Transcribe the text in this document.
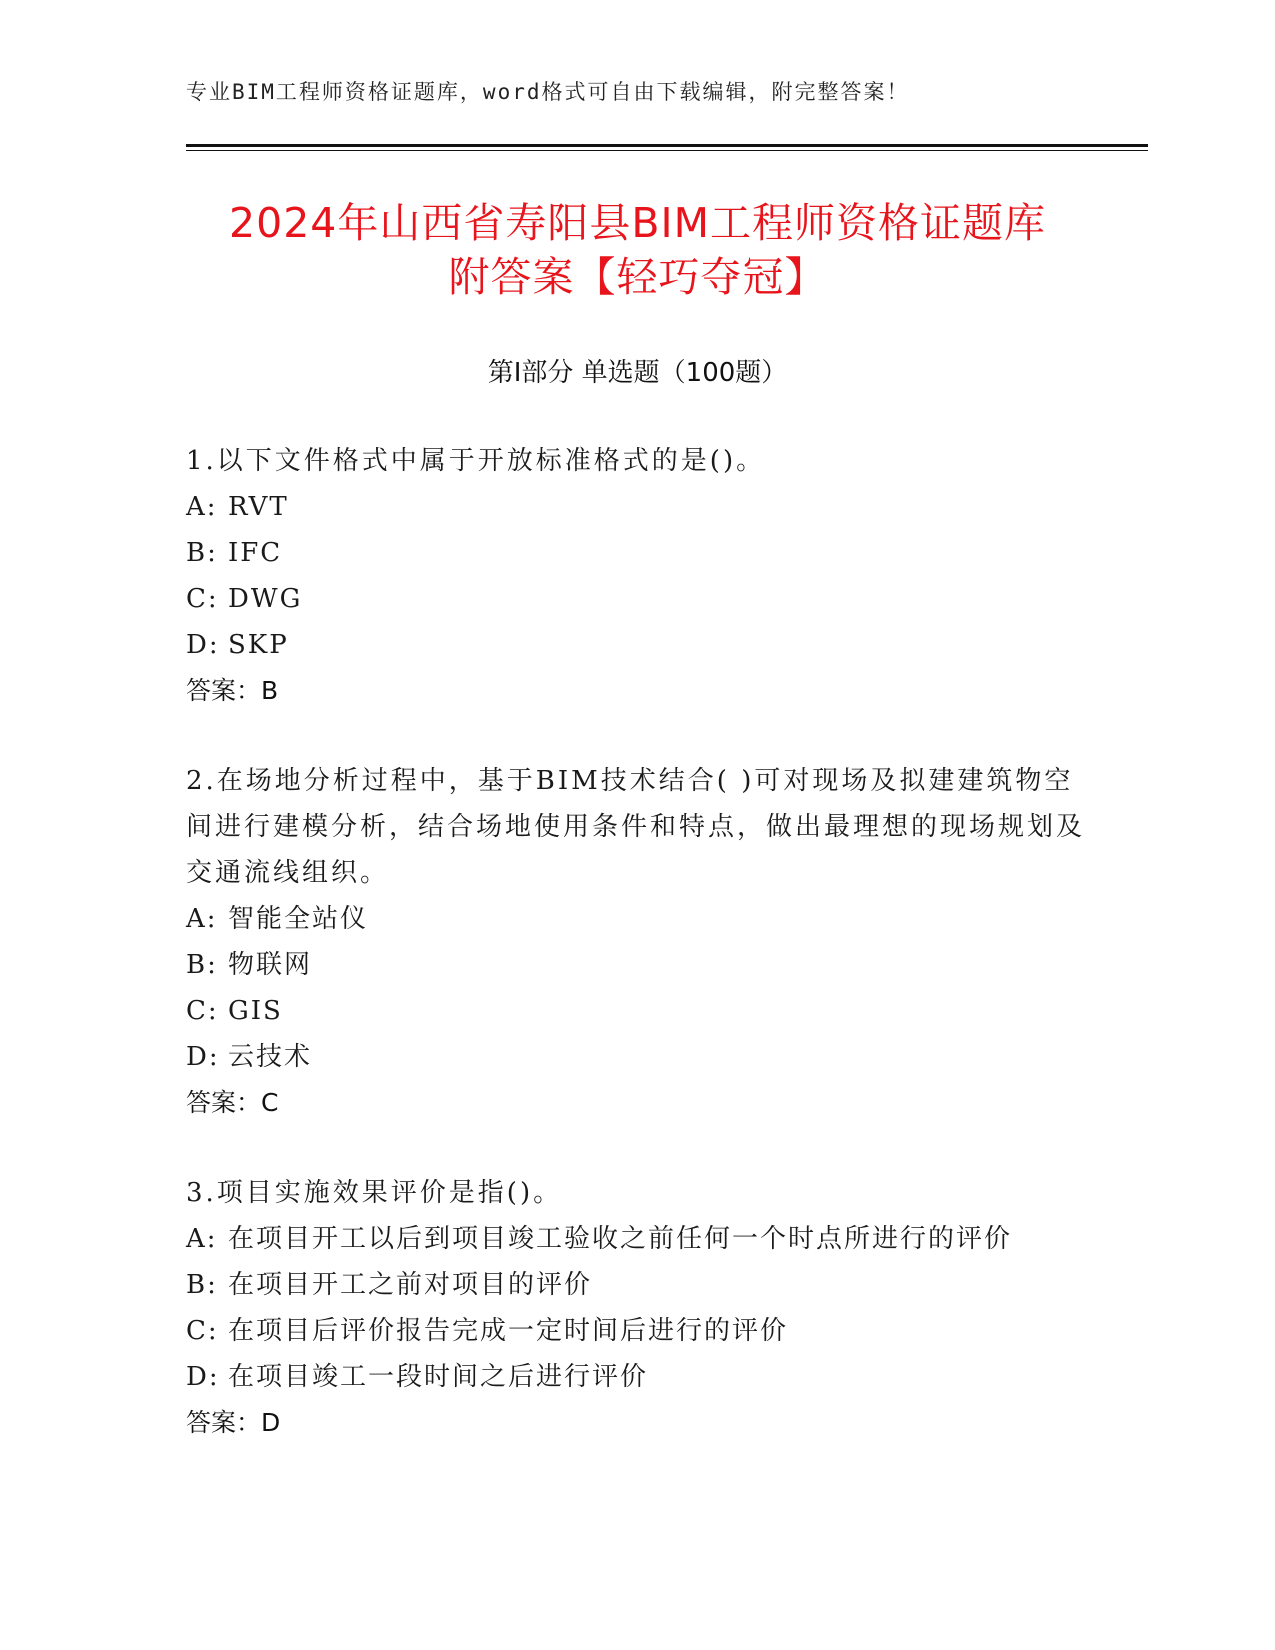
专业BIM工程师资格证题库，word格式可自由下载编辑，附完整答案！
2024年山西省寿阳县BIM工程师资格证题库
附答案【轻巧夺冠】
第Ⅰ部分 单选题（100题）
1.以下文件格式中属于开放标准格式的是()。
A: RVT
B: IFC
C: DWG
D: SKP
答案：B
2.在场地分析过程中，基于BIM技术结合( )可对现场及拟建建筑物空间进行建模分析，结合场地使用条件和特点，做出最理想的现场规划及交通流线组织。
A: 智能全站仪
B: 物联网
C: GIS
D: 云技术
答案：C
3.项目实施效果评价是指()。
A: 在项目开工以后到项目竣工验收之前任何一个时点所进行的评价
B: 在项目开工之前对项目的评价
C: 在项目后评价报告完成一定时间后进行的评价
D: 在项目竣工一段时间之后进行评价
答案：D
